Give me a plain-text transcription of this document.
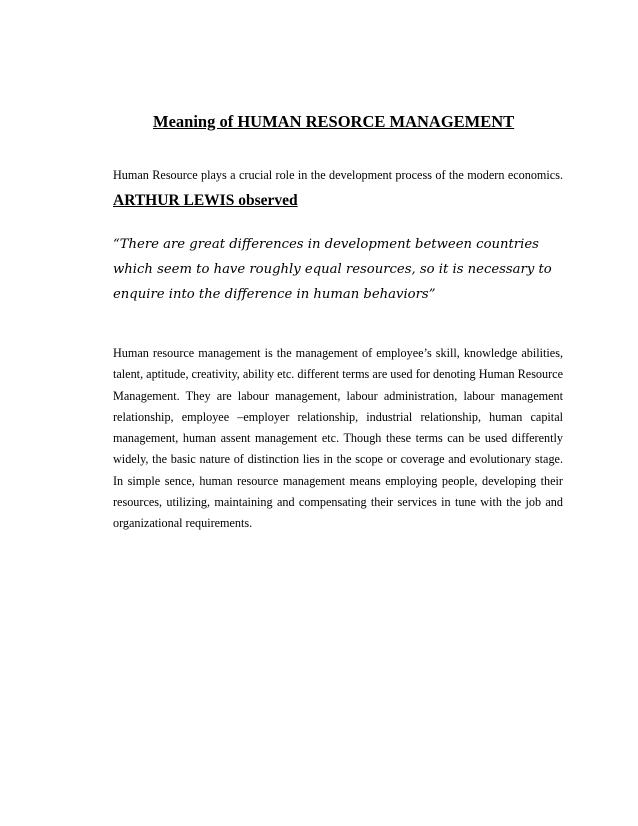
Meaning of HUMAN RESORCE MANAGEMENT

Human Resource plays a crucial role in the development process of the modern economics. ARTHUR LEWIS observed

“There are great differences in development between countries which seem to have roughly equal resources, so it is necessary to enquire into the difference in human behaviors”

Human resource management is the management of employee’s skill, knowledge abilities, talent, aptitude, creativity, ability etc. different terms are used for denoting Human Resource Management. They are labour management, labour administration, labour management relationship, employee –employer relationship, industrial relationship, human capital management, human assent management etc. Though these terms can be used differently widely, the basic nature of distinction lies in the scope or coverage and evolutionary stage. In simple sence, human resource management means employing people, developing their resources, utilizing, maintaining and compensating their services in tune with the job and organizational requirements.
